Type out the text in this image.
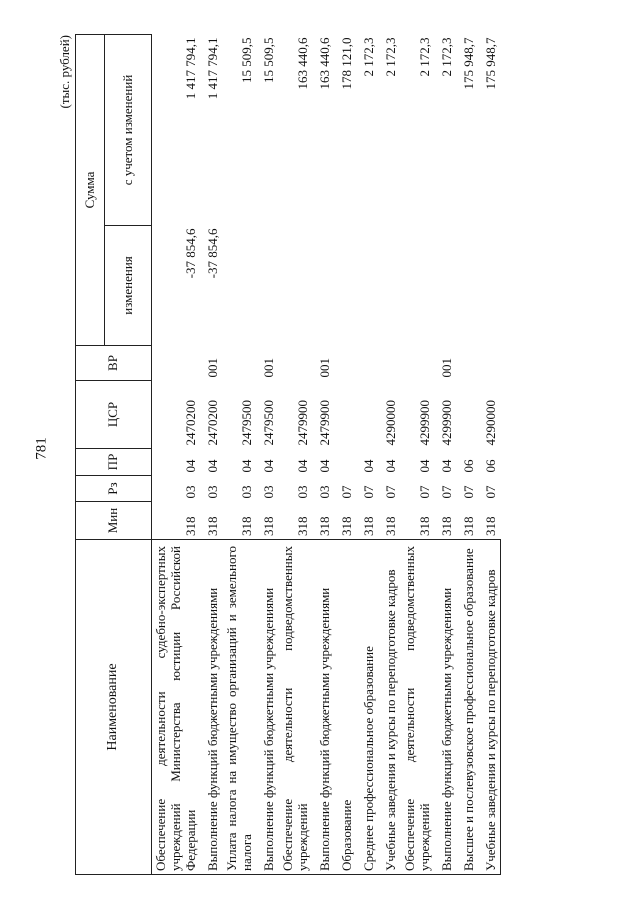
781
(тыс. рублей)
Наименование	Мин	Рз	ПР	ЦСР	ВР	Сумма	
						изменения	с учетом изменений
Обеспечение деятельности судебно-экспертных учреждений Министерства юстиции Российской Федерации	318	03	04	2470200		-37 854,6	1 417 794,1
Выполнение функций бюджетными учреждениями	318	03	04	2470200	001	-37 854,6	1 417 794,1
Уплата налога на имущество организаций и земельного налога	318	03	04	2479500			15 509,5
Выполнение функций бюджетными учреждениями	318	03	04	2479500	001		15 509,5
Обеспечение деятельности подведомственных учреждений	318	03	04	2479900			163 440,6
Выполнение функций бюджетными учреждениями	318	03	04	2479900	001		163 440,6
Образование	318	07					178 121,0
Среднее профессиональное образование	318	07	04				2 172,3
Учебные заведения и курсы по переподготовке кадров	318	07	04	4290000			2 172,3
Обеспечение деятельности подведомственных учреждений	318	07	04	4299900			2 172,3
Выполнение функций бюджетными учреждениями	318	07	04	4299900	001		2 172,3
Высшее и послевузовское профессиональное образование	318	07	06				175 948,7
Учебные заведения и курсы по переподготовке кадров	318	07	06	4290000			175 948,7
